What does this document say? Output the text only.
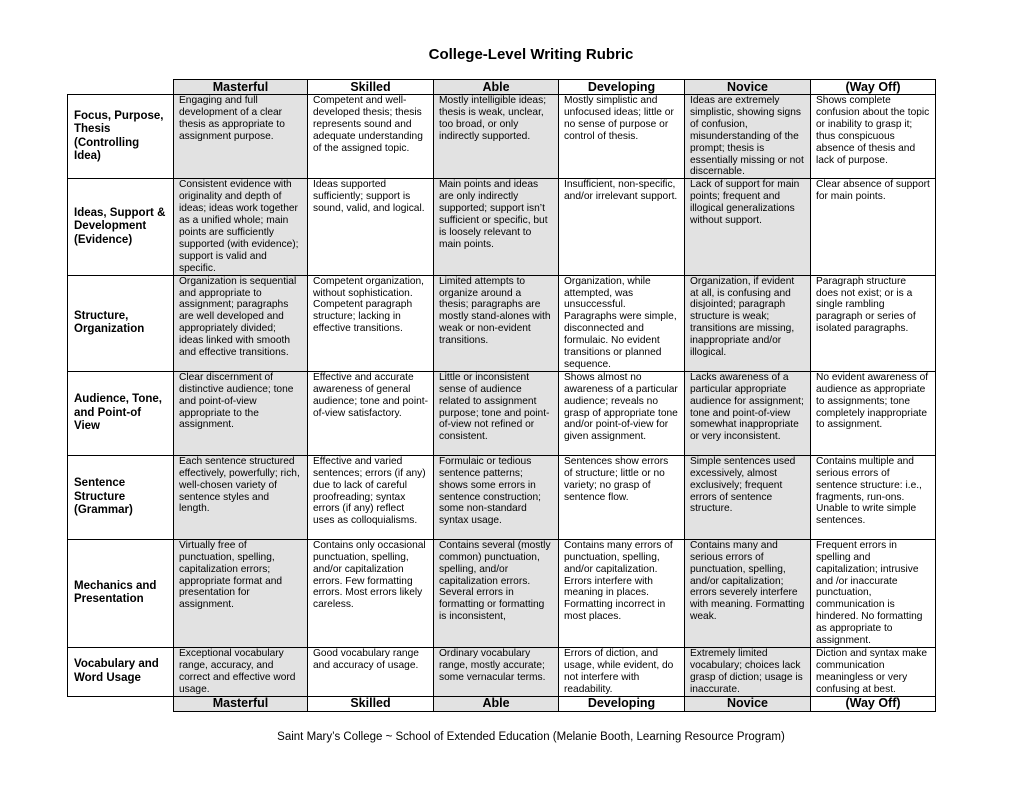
College-Level Writing Rubric
	Masterful	Skilled	Able	Developing	Novice	(Way Off)
Focus, Purpose, Thesis (Controlling Idea)	Engaging and full development of a clear thesis as appropriate to assignment purpose.	Competent and well-developed thesis; thesis represents sound and adequate understanding of the assigned topic.	Mostly intelligible ideas; thesis is weak, unclear, too broad, or only indirectly supported.	Mostly simplistic and unfocused ideas; little or no sense of purpose or control of thesis.	Ideas are extremely simplistic, showing signs of confusion, misunderstanding of the prompt; thesis is essentially missing or not discernable.	Shows complete confusion about the topic or inability to grasp it; thus conspicuous absence of thesis and lack of purpose.
Ideas, Support & Development (Evidence)	Consistent evidence with originality and depth of ideas; ideas work together as a unified whole; main points are sufficiently supported (with evidence); support is valid and specific.	Ideas supported sufficiently; support is sound, valid, and logical.	Main points and ideas are only indirectly supported; support isn’t sufficient or specific, but is loosely relevant to main points.	Insufficient, non-specific, and/or irrelevant support.	Lack of support for main points; frequent and illogical generalizations without support.	Clear absence of support for main points.
Structure, Organization	Organization is sequential and appropriate to assignment; paragraphs are well developed and appropriately divided; ideas linked with smooth and effective transitions.	Competent organization, without sophistication. Competent paragraph structure; lacking in effective transitions.	Limited attempts to organize around a thesis; paragraphs are mostly stand-alones with weak or non-evident transitions.	Organization, while attempted, was unsuccessful. Paragraphs were simple, disconnected and formulaic. No evident transitions or planned sequence.	Organization, if evident at all, is confusing and disjointed; paragraph structure is weak; transitions are missing, inappropriate and/or illogical.	Paragraph structure does not exist; or is a single rambling paragraph or series of isolated paragraphs.
Audience, Tone, and Point-of View	Clear discernment of distinctive audience; tone and point-of-view appropriate to the assignment.	Effective and accurate awareness of general audience; tone and point-of-view satisfactory.	Little or inconsistent sense of audience related to assignment purpose; tone and point-of-view not refined or consistent.	Shows almost no awareness of a particular audience; reveals no grasp of appropriate tone and/or point-of-view for given assignment.	Lacks awareness of a particular appropriate audience for assignment; tone and point-of-view somewhat inappropriate or very inconsistent.	No evident awareness of audience as appropriate to assignments; tone completely inappropriate to assignment.
Sentence Structure (Grammar)	Each sentence structured effectively, powerfully; rich, well-chosen variety of sentence styles and length.	Effective and varied sentences; errors (if any) due to lack of careful proofreading; syntax errors (if any) reflect uses as colloquialisms.	Formulaic or tedious sentence patterns; shows some errors in sentence construction; some non-standard syntax usage.	Sentences show errors of structure; little or no variety; no grasp of sentence flow.	Simple sentences used excessively, almost exclusively; frequent errors of sentence structure.	Contains multiple and serious errors of sentence structure: i.e., fragments, run-ons. Unable to write simple sentences.
Mechanics and Presentation	Virtually free of punctuation, spelling, capitalization errors; appropriate format and presentation for assignment.	Contains only occasional punctuation, spelling, and/or capitalization errors. Few formatting errors. Most errors likely careless.	Contains several (mostly common) punctuation, spelling, and/or capitalization errors. Several errors in formatting or formatting is inconsistent,	Contains many errors of punctuation, spelling, and/or capitalization. Errors interfere with meaning in places. Formatting incorrect in most places.	Contains many and serious errors of punctuation, spelling, and/or capitalization; errors severely interfere with meaning. Formatting weak.	Frequent errors in spelling and capitalization; intrusive and /or inaccurate punctuation, communication is hindered. No formatting as appropriate to assignment.
Vocabulary and Word Usage	Exceptional vocabulary range, accuracy, and correct and effective word usage.	Good vocabulary range and accuracy of usage.	Ordinary vocabulary range, mostly accurate; some vernacular terms.	Errors of diction, and usage, while evident, do not interfere with readability.	Extremely limited vocabulary; choices lack grasp of diction; usage is inaccurate.	Diction and syntax make communication meaningless or very confusing at best.
	Masterful	Skilled	Able	Developing	Novice	(Way Off)
Saint Mary’s College ~ School of Extended Education (Melanie Booth, Learning Resource Program)
